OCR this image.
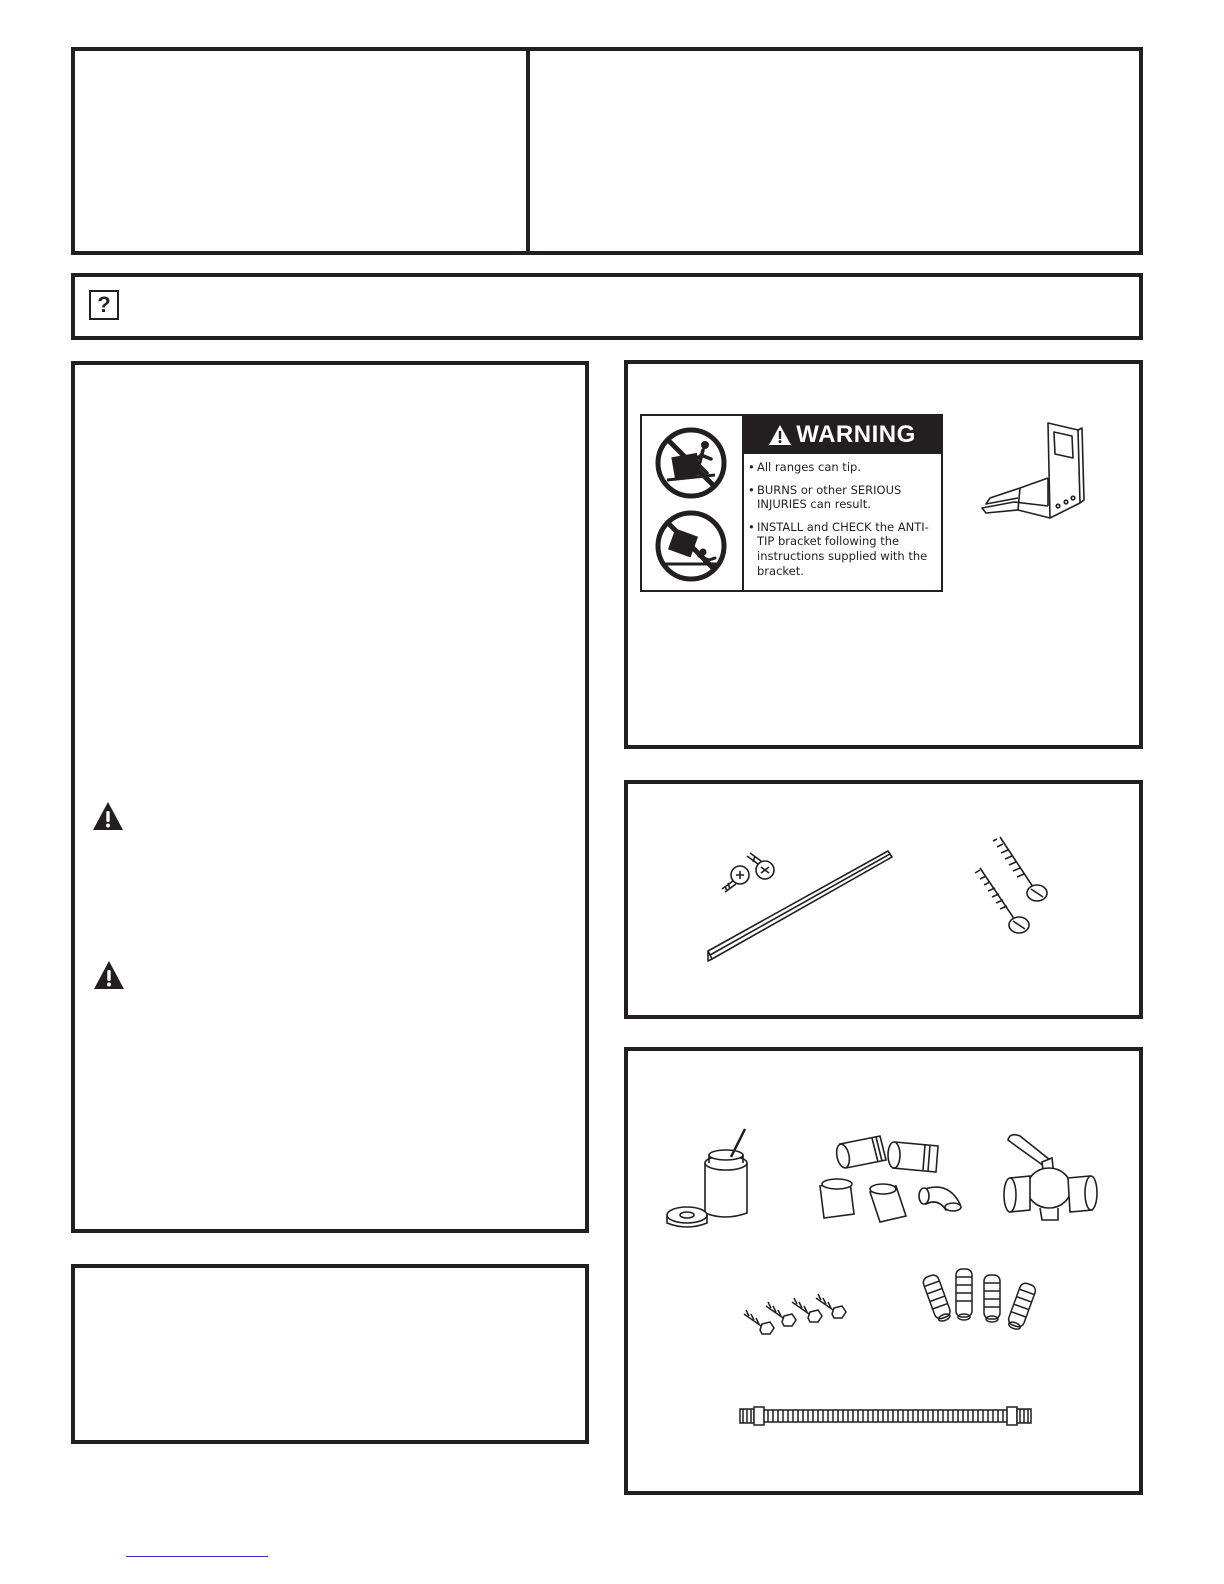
?
WARNING
• All ranges can tip.
• BURNS or other SERIOUS INJURIES can result.
• INSTALL and CHECK the ANTI-TIP bracket following the instructions supplied with the bracket.
